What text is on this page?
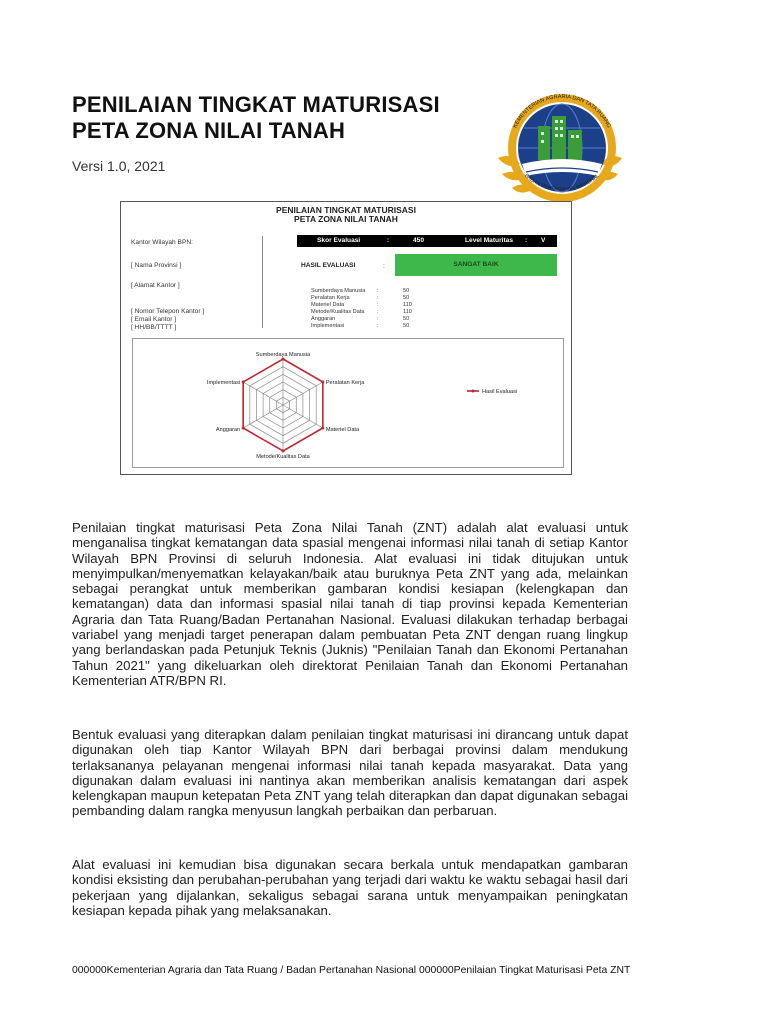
PENILAIAN TINGKAT MATURISASI
PETA ZONA NILAI TANAH
Versi 1.0, 2021
KEMENTERIAN AGRARIA DAN TATA RUANG
BADAN PERTANAHAN NASIONAL
PENILAIAN TINGKAT MATURISASI
PETA ZONA NILAI TANAH
Kantor Wilayah BPN:
[ Nama Provinsi ]
[ Alamat Kantor ]
[ Nomor Telepon Kantor ]
[ Email Kantor ]
[ HH/BB/TTTT ]
Skor Evaluasi	:	450	Level Maturitas : V
HASIL EVALUASI	:	SANGAT BAIK
Sumberdaya Manusia :	50
Peralatan Kerja	:	50
Materiel Data	:	110
Metode/Kualitas Data :	110
Anggaran	:	50
Implementasi	:	50
Sumberdaya Manusia
Peralatan Kerja
Materiel Data
Metode/Kualitas Data
Anggaran
Implementasi
Hasil Evaluasi
Penilaian tingkat maturisasi Peta Zona Nilai Tanah (ZNT) adalah alat evaluasi untuk menganalisa tingkat kematangan data spasial mengenai informasi nilai tanah di setiap Kantor Wilayah BPN Provinsi di seluruh Indonesia. Alat evaluasi ini tidak ditujukan untuk menyimpulkan/menyematkan kelayakan/baik atau buruknya Peta ZNT yang ada, melainkan sebagai perangkat untuk memberikan gambaran kondisi kesiapan (kelengkapan dan kematangan) data dan informasi spasial nilai tanah di tiap provinsi kepada Kementerian Agraria dan Tata Ruang/Badan Pertanahan Nasional. Evaluasi dilakukan terhadap berbagai variabel yang menjadi target penerapan dalam pembuatan Peta ZNT dengan ruang lingkup yang berlandaskan pada Petunjuk Teknis (Juknis) "Penilaian Tanah dan Ekonomi Pertanahan Tahun 2021" yang dikeluarkan oleh direktorat Penilaian Tanah dan Ekonomi Pertanahan Kementerian ATR/BPN RI.
Bentuk evaluasi yang diterapkan dalam penilaian tingkat maturisasi ini dirancang untuk dapat digunakan oleh tiap Kantor Wilayah BPN dari berbagai provinsi dalam mendukung terlaksananya pelayanan mengenai informasi nilai tanah kepada masyarakat. Data yang digunakan dalam evaluasi ini nantinya akan memberikan analisis kematangan dari aspek kelengkapan maupun ketepatan Peta ZNT yang telah diterapkan dan dapat digunakan sebagai pembanding dalam rangka menyusun langkah perbaikan dan perbaruan.
Alat evaluasi ini kemudian bisa digunakan secara berkala untuk mendapatkan gambaran kondisi eksisting dan perubahan-perubahan yang terjadi dari waktu ke waktu sebagai hasil dari pekerjaan yang dijalankan, sekaligus sebagai sarana untuk menyampaikan peningkatan kesiapan kepada pihak yang melaksanakan.
000000Kementerian Agraria dan Tata Ruang / Badan Pertanahan Nasional 000000Penilaian Tingkat Maturisasi Peta ZNT
